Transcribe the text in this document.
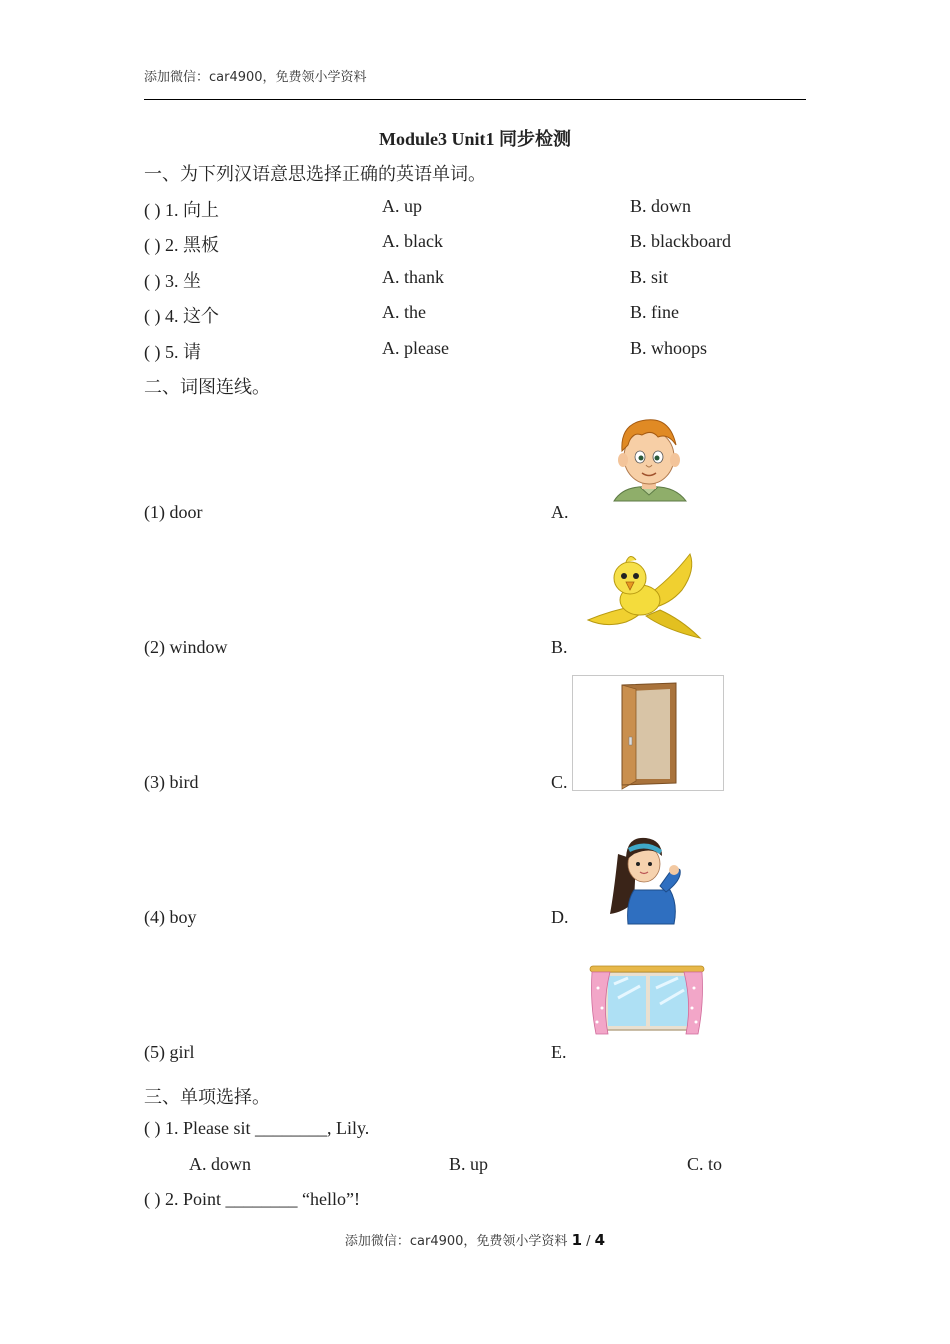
添加微信：car4900，免费领小学资料
Module3 Unit1 同步检测
一、为下列汉语意思选择正确的英语单词。
( ) 1. 向上	A. up	B. down
( ) 2. 黑板	A. black	B. blackboard
( ) 3. 坐	A. thank	B. sit
( ) 4. 这个	A. the	B. fine
( ) 5. 请	A. please	B. whoops
二、词图连线。
(1) door	A.
(2) window	B.
(3) bird	C.
(4) boy	D.
(5) girl	E.
三、单项选择。
( ) 1. Please sit ________, Lily.
A. down	B. up	C. to
( ) 2. Point ________ “hello”!
添加微信：car4900，免费领小学资料 1 / 4
